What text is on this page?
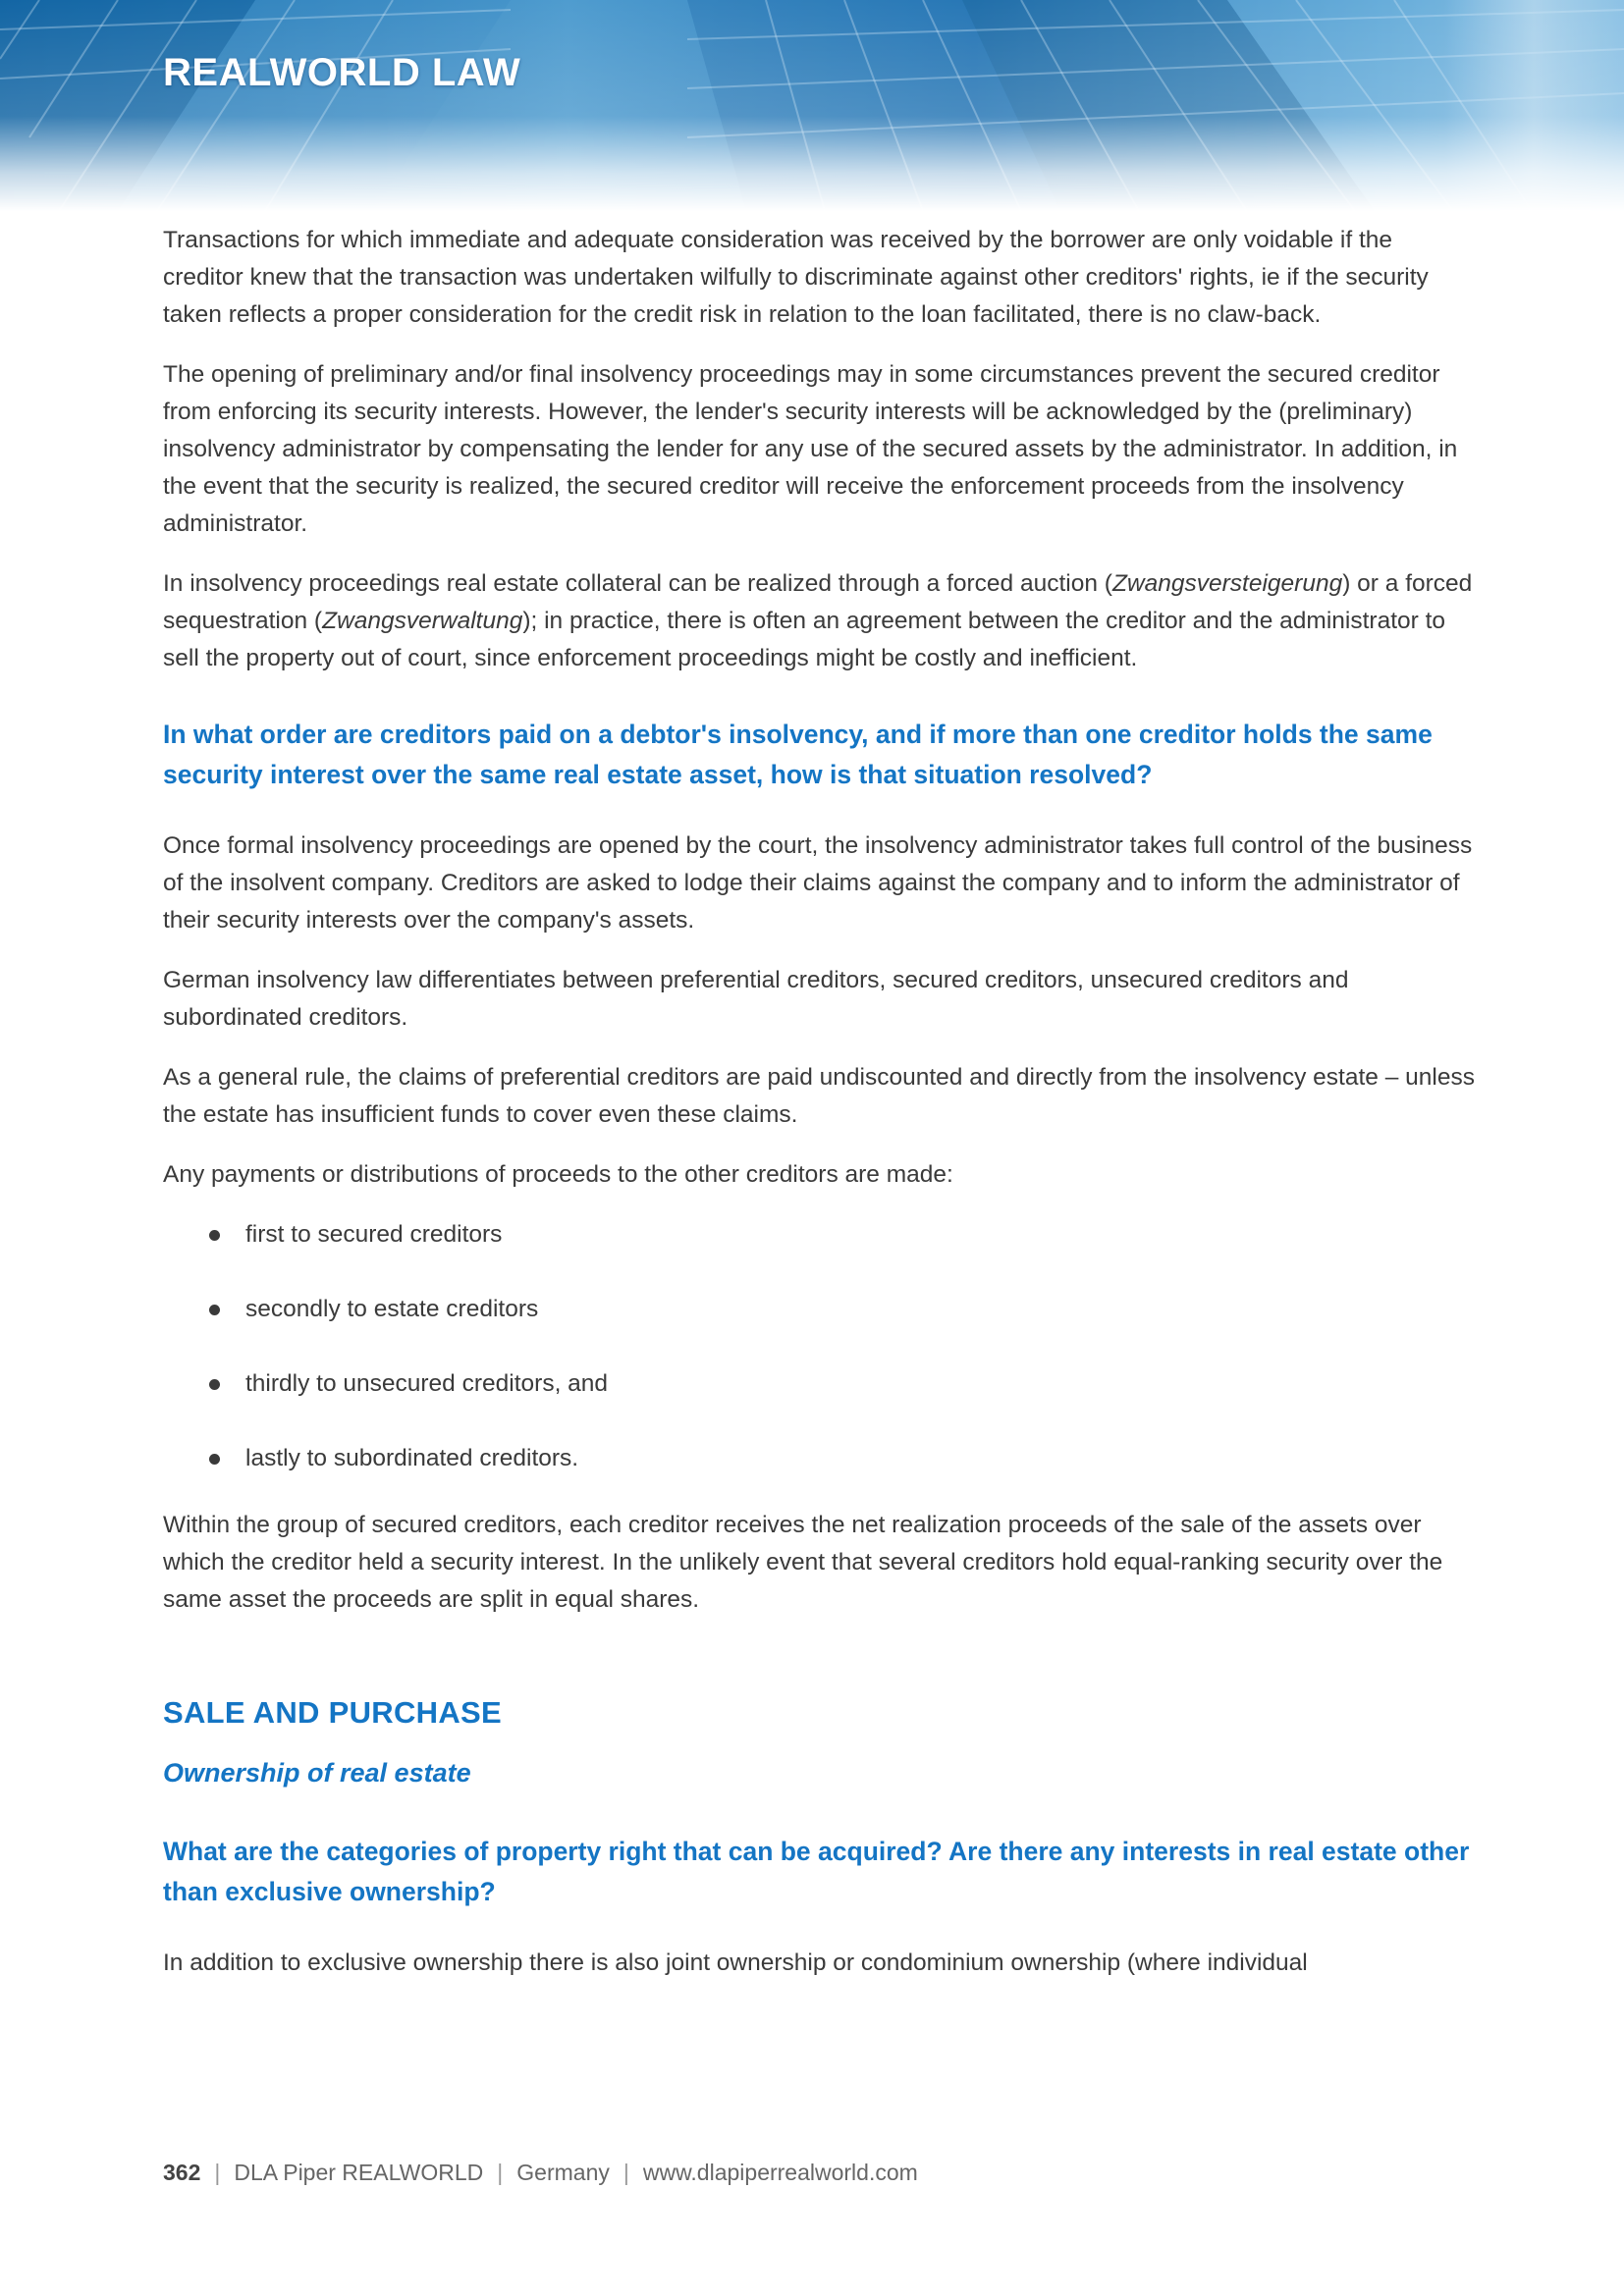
REALWORLD LAW

Transactions for which immediate and adequate consideration was received by the borrower are only voidable if the creditor knew that the transaction was undertaken wilfully to discriminate against other creditors' rights, ie if the security taken reflects a proper consideration for the credit risk in relation to the loan facilitated, there is no claw-back.

The opening of preliminary and/or final insolvency proceedings may in some circumstances prevent the secured creditor from enforcing its security interests. However, the lender's security interests will be acknowledged by the (preliminary) insolvency administrator by compensating the lender for any use of the secured assets by the administrator. In addition, in the event that the security is realized, the secured creditor will receive the enforcement proceeds from the insolvency administrator.

In insolvency proceedings real estate collateral can be realized through a forced auction (Zwangsversteigerung) or a forced sequestration (Zwangsverwaltung); in practice, there is often an agreement between the creditor and the administrator to sell the property out of court, since enforcement proceedings might be costly and inefficient.

In what order are creditors paid on a debtor's insolvency, and if more than one creditor holds the same security interest over the same real estate asset, how is that situation resolved?

Once formal insolvency proceedings are opened by the court, the insolvency administrator takes full control of the business of the insolvent company. Creditors are asked to lodge their claims against the company and to inform the administrator of their security interests over the company's assets.

German insolvency law differentiates between preferential creditors, secured creditors, unsecured creditors and subordinated creditors.

As a general rule, the claims of preferential creditors are paid undiscounted and directly from the insolvency estate – unless the estate has insufficient funds to cover even these claims.

Any payments or distributions of proceeds to the other creditors are made:

first to secured creditors
secondly to estate creditors
thirdly to unsecured creditors, and
lastly to subordinated creditors.

Within the group of secured creditors, each creditor receives the net realization proceeds of the sale of the assets over which the creditor held a security interest. In the unlikely event that several creditors hold equal-ranking security over the same asset the proceeds are split in equal shares.

SALE AND PURCHASE
Ownership of real estate
What are the categories of property right that can be acquired? Are there any interests in real estate other than exclusive ownership?

In addition to exclusive ownership there is also joint ownership or condominium ownership (where individual

362 | DLA Piper REALWORLD | Germany | www.dlapiperrealworld.com
